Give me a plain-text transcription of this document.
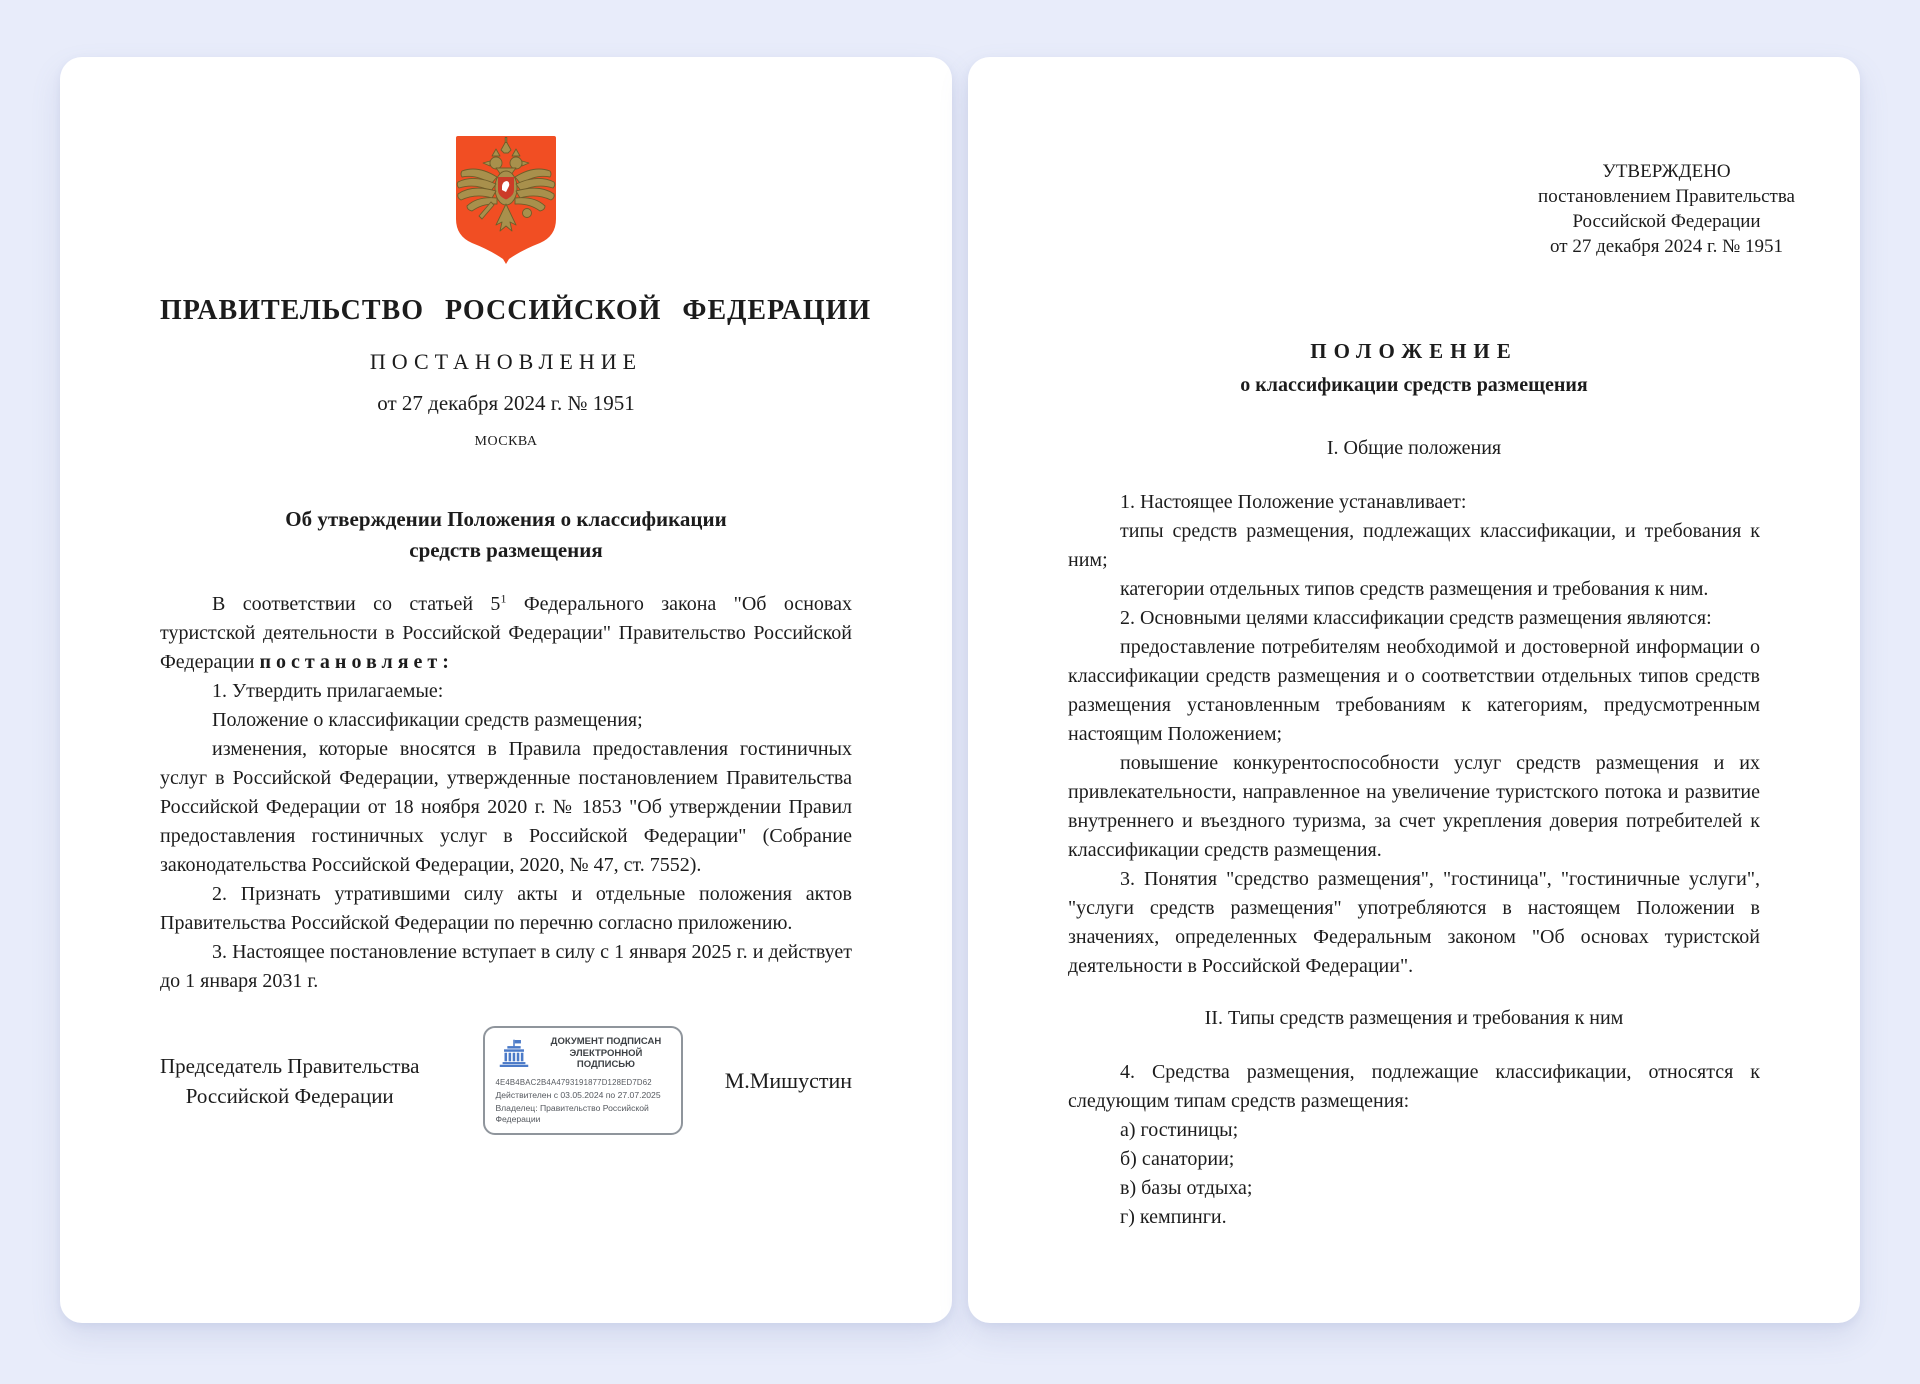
ПРАВИТЕЛЬСТВО РОССИЙСКОЙ ФЕДЕРАЦИИ
ПОСТАНОВЛЕНИЕ
от 27 декабря 2024 г. № 1951
МОСКВА
Об утверждении Положения о классификации
средств размещения
В соответствии со статьей $5^1$ Федерального закона "Об основах туристской деятельности в Российской Федерации" Правительство Российской Федерации постановляет:
1. Утвердить прилагаемые:
Положение о классификации средств размещения;
изменения, которые вносятся в Правила предоставления гостиничных услуг в Российской Федерации, утвержденные постановлением Правительства Российской Федерации от 18 ноября 2020 г. № 1853 "Об утверждении Правил предоставления гостиничных услуг в Российской Федерации" (Собрание законодательства Российской Федерации, 2020, № 47, ст. 7552).
2. Признать утратившими силу акты и отдельные положения актов Правительства Российской Федерации по перечню согласно приложению.
3. Настоящее постановление вступает в силу с 1 января 2025 г. и действует до 1 января 2031 г.
Председатель Правительства
Российской Федерации
ДОКУМЕНТ ПОДПИСАН
ЭЛЕКТРОННОЙ ПОДПИСЬЮ
4E4B4BAC2B4A4793191877D128ED7D62
Действителен с 03.05.2024 по 27.07.2025
Владелец: Правительство Российской Федерации
М.Мишустин
УТВЕРЖДЕНО
постановлением Правительства
Российской Федерации
от 27 декабря 2024 г. № 1951
ПОЛОЖЕНИЕ
о классификации средств размещения
I. Общие положения
1. Настоящее Положение устанавливает:
типы средств размещения, подлежащих классификации, и требования к ним;
категории отдельных типов средств размещения и требования к ним.
2. Основными целями классификации средств размещения являются:
предоставление потребителям необходимой и достоверной информации о классификации средств размещения и о соответствии отдельных типов средств размещения установленным требованиям к категориям, предусмотренным настоящим Положением;
повышение конкурентоспособности услуг средств размещения и их привлекательности, направленное на увеличение туристского потока и развитие внутреннего и въездного туризма, за счет укрепления доверия потребителей к классификации средств размещения.
3. Понятия "средство размещения", "гостиница", "гостиничные услуги", "услуги средств размещения" употребляются в настоящем Положении в значениях, определенных Федеральным законом "Об основах туристской деятельности в Российской Федерации".
II. Типы средств размещения и требования к ним
4. Средства размещения, подлежащие классификации, относятся к следующим типам средств размещения:
а) гостиницы;
б) санатории;
в) базы отдыха;
г) кемпинги.
